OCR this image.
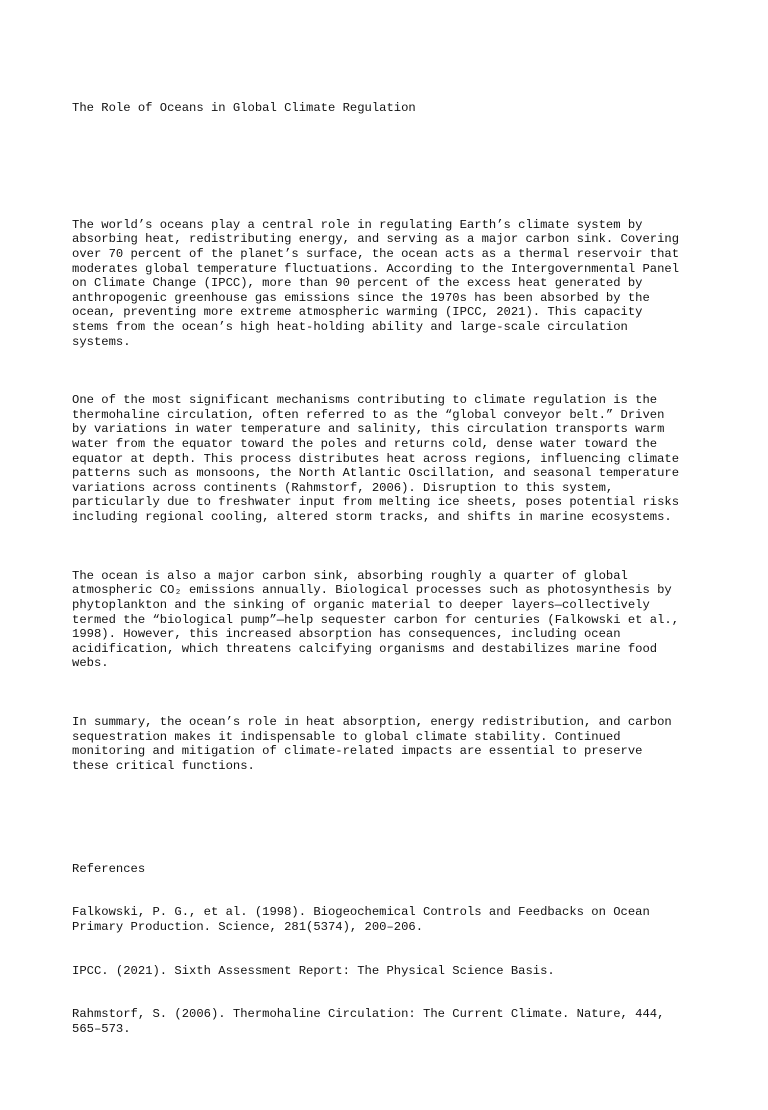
The Role of Oceans in Global Climate Regulation

The world’s oceans play a central role in regulating Earth’s climate system by
absorbing heat, redistributing energy, and serving as a major carbon sink. Covering
over 70 percent of the planet’s surface, the ocean acts as a thermal reservoir that
moderates global temperature fluctuations. According to the Intergovernmental Panel
on Climate Change (IPCC), more than 90 percent of the excess heat generated by
anthropogenic greenhouse gas emissions since the 1970s has been absorbed by the
ocean, preventing more extreme atmospheric warming (IPCC, 2021). This capacity
stems from the ocean’s high heat-holding ability and large-scale circulation
systems.

One of the most significant mechanisms contributing to climate regulation is the
thermohaline circulation, often referred to as the “global conveyor belt.” Driven
by variations in water temperature and salinity, this circulation transports warm
water from the equator toward the poles and returns cold, dense water toward the
equator at depth. This process distributes heat across regions, influencing climate
patterns such as monsoons, the North Atlantic Oscillation, and seasonal temperature
variations across continents (Rahmstorf, 2006). Disruption to this system,
particularly due to freshwater input from melting ice sheets, poses potential risks
including regional cooling, altered storm tracks, and shifts in marine ecosystems.

The ocean is also a major carbon sink, absorbing roughly a quarter of global
atmospheric CO₂ emissions annually. Biological processes such as photosynthesis by
phytoplankton and the sinking of organic material to deeper layers—collectively
termed the “biological pump”—help sequester carbon for centuries (Falkowski et al.,
1998). However, this increased absorption has consequences, including ocean
acidification, which threatens calcifying organisms and destabilizes marine food
webs.

In summary, the ocean’s role in heat absorption, energy redistribution, and carbon
sequestration makes it indispensable to global climate stability. Continued
monitoring and mitigation of climate-related impacts are essential to preserve
these critical functions.

References

Falkowski, P. G., et al. (1998). Biogeochemical Controls and Feedbacks on Ocean
Primary Production. Science, 281(5374), 200–206.

IPCC. (2021). Sixth Assessment Report: The Physical Science Basis.

Rahmstorf, S. (2006). Thermohaline Circulation: The Current Climate. Nature, 444,
565–573.
